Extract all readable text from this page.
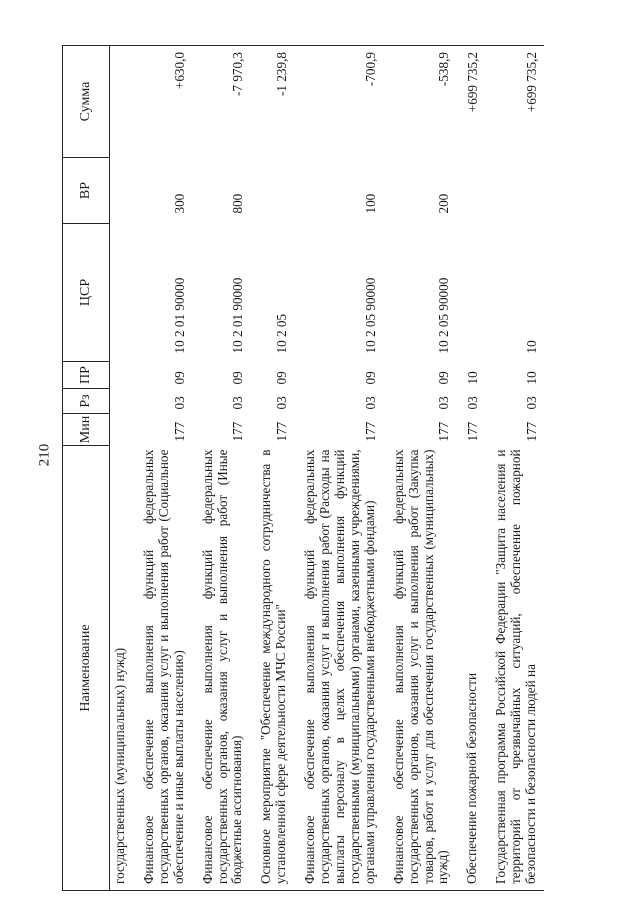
210
Наименование	Мин	Рз	ПР	ЦСР	ВР	Сумма
государственных (муниципальных) нужд)						

Финансовое обеспечение выполнения функций федеральных государственных органов, оказания услуг и выполнения работ (Социальное обеспечение и иные выплаты населению)	177	03	09	10 2 01 90000	300	+630,0

Финансовое обеспечение выполнения функций федеральных государственных органов, оказания услуг и выполнения работ (Иные бюджетные ассигнования)	177	03	09	10 2 01 90000	800	-7 970,3

Основное мероприятие "Обеспечение международного сотрудничества в установленной сфере деятельности МЧС России"	177	03	09	10 2 05		-1 239,8

Финансовое обеспечение выполнения функций федеральных государственных органов, оказания услуг и выполнения работ (Расходы на выплаты персоналу в целях обеспечения выполнения функций государственными (муниципальными) органами, казенными учреждениями, органами управления государственными внебюджетными фондами)	177	03	09	10 2 05 90000	100	-700,9

Финансовое обеспечение выполнения функций федеральных государственных органов, оказания услуг и выполнения работ (Закупка товаров, работ и услуг для обеспечения государственных (муниципальных) нужд)	177	03	09	10 2 05 90000	200	-538,9

Обеспечение пожарной безопасности	177	03	10			+699 735,2

Государственная программа Российской Федерации "Защита населения и территорий от чрезвычайных ситуаций, обеспечение пожарной безопасности и безопасности людей на	177	03	10	10		+699 735,2
